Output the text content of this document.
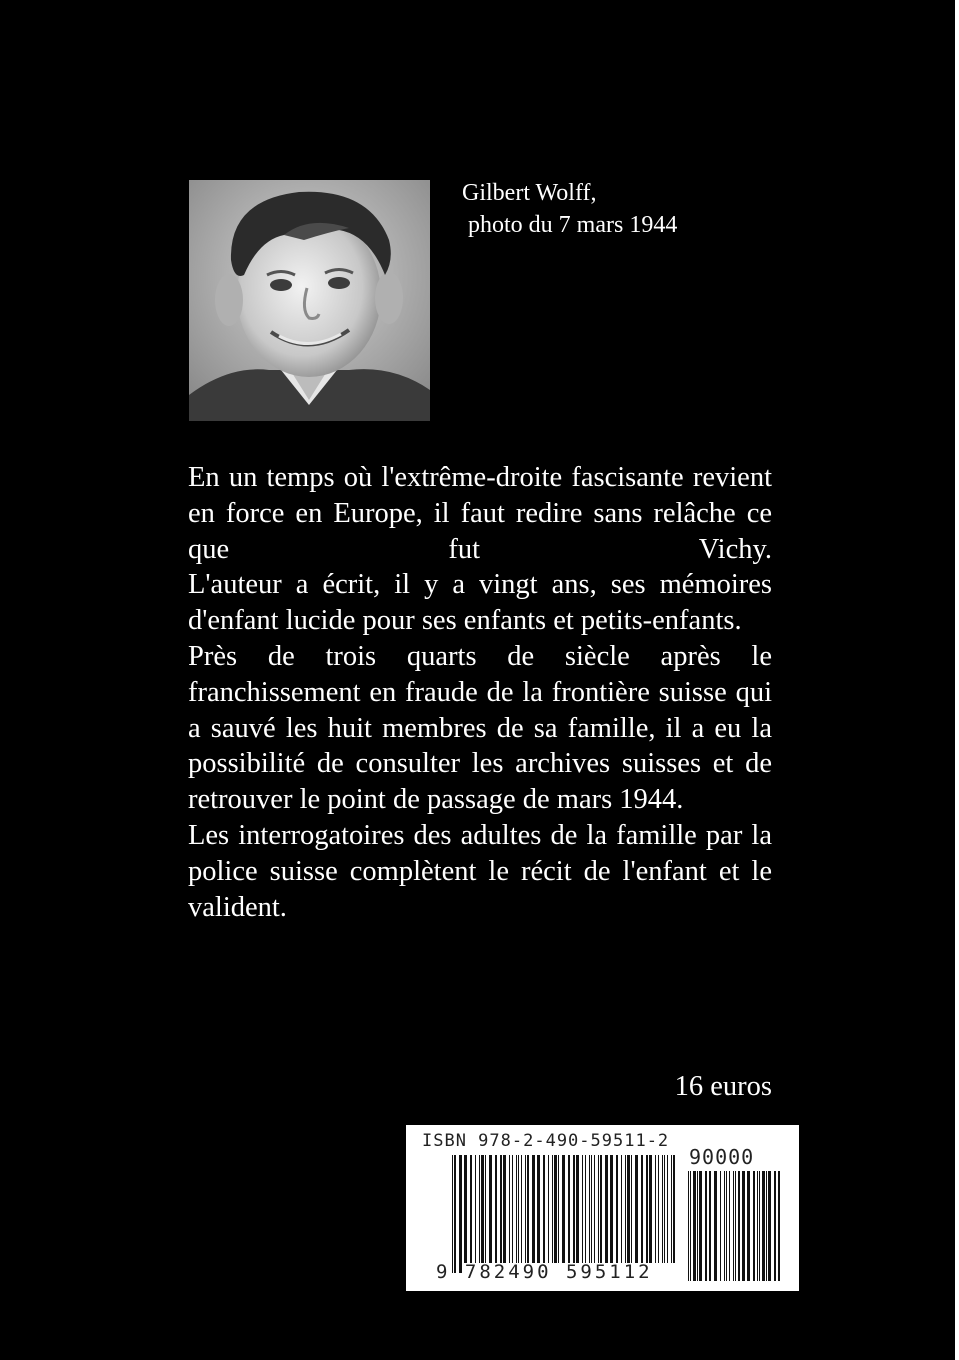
Gilbert Wolff,
photo du 7 mars 1944

En un temps où l'extrême-droite fascisante revient en force en Europe, il faut redire sans relâche ce que fut Vichy.

L'auteur a écrit, il y a vingt ans, ses mémoires d'enfant lucide pour ses enfants et petits-enfants.

Près de trois quarts de siècle après le franchissement en fraude de la frontière suisse qui a sauvé les huit membres de sa famille, il a eu la possibilité de consulter les archives suisses et de retrouver le point de passage de mars 1944.

Les interrogatoires des adultes de la famille par la police suisse complètent le récit de l'enfant et le valident.

16 euros
ISBN 978-2-490-59511-2
90000
9 782490 595112
